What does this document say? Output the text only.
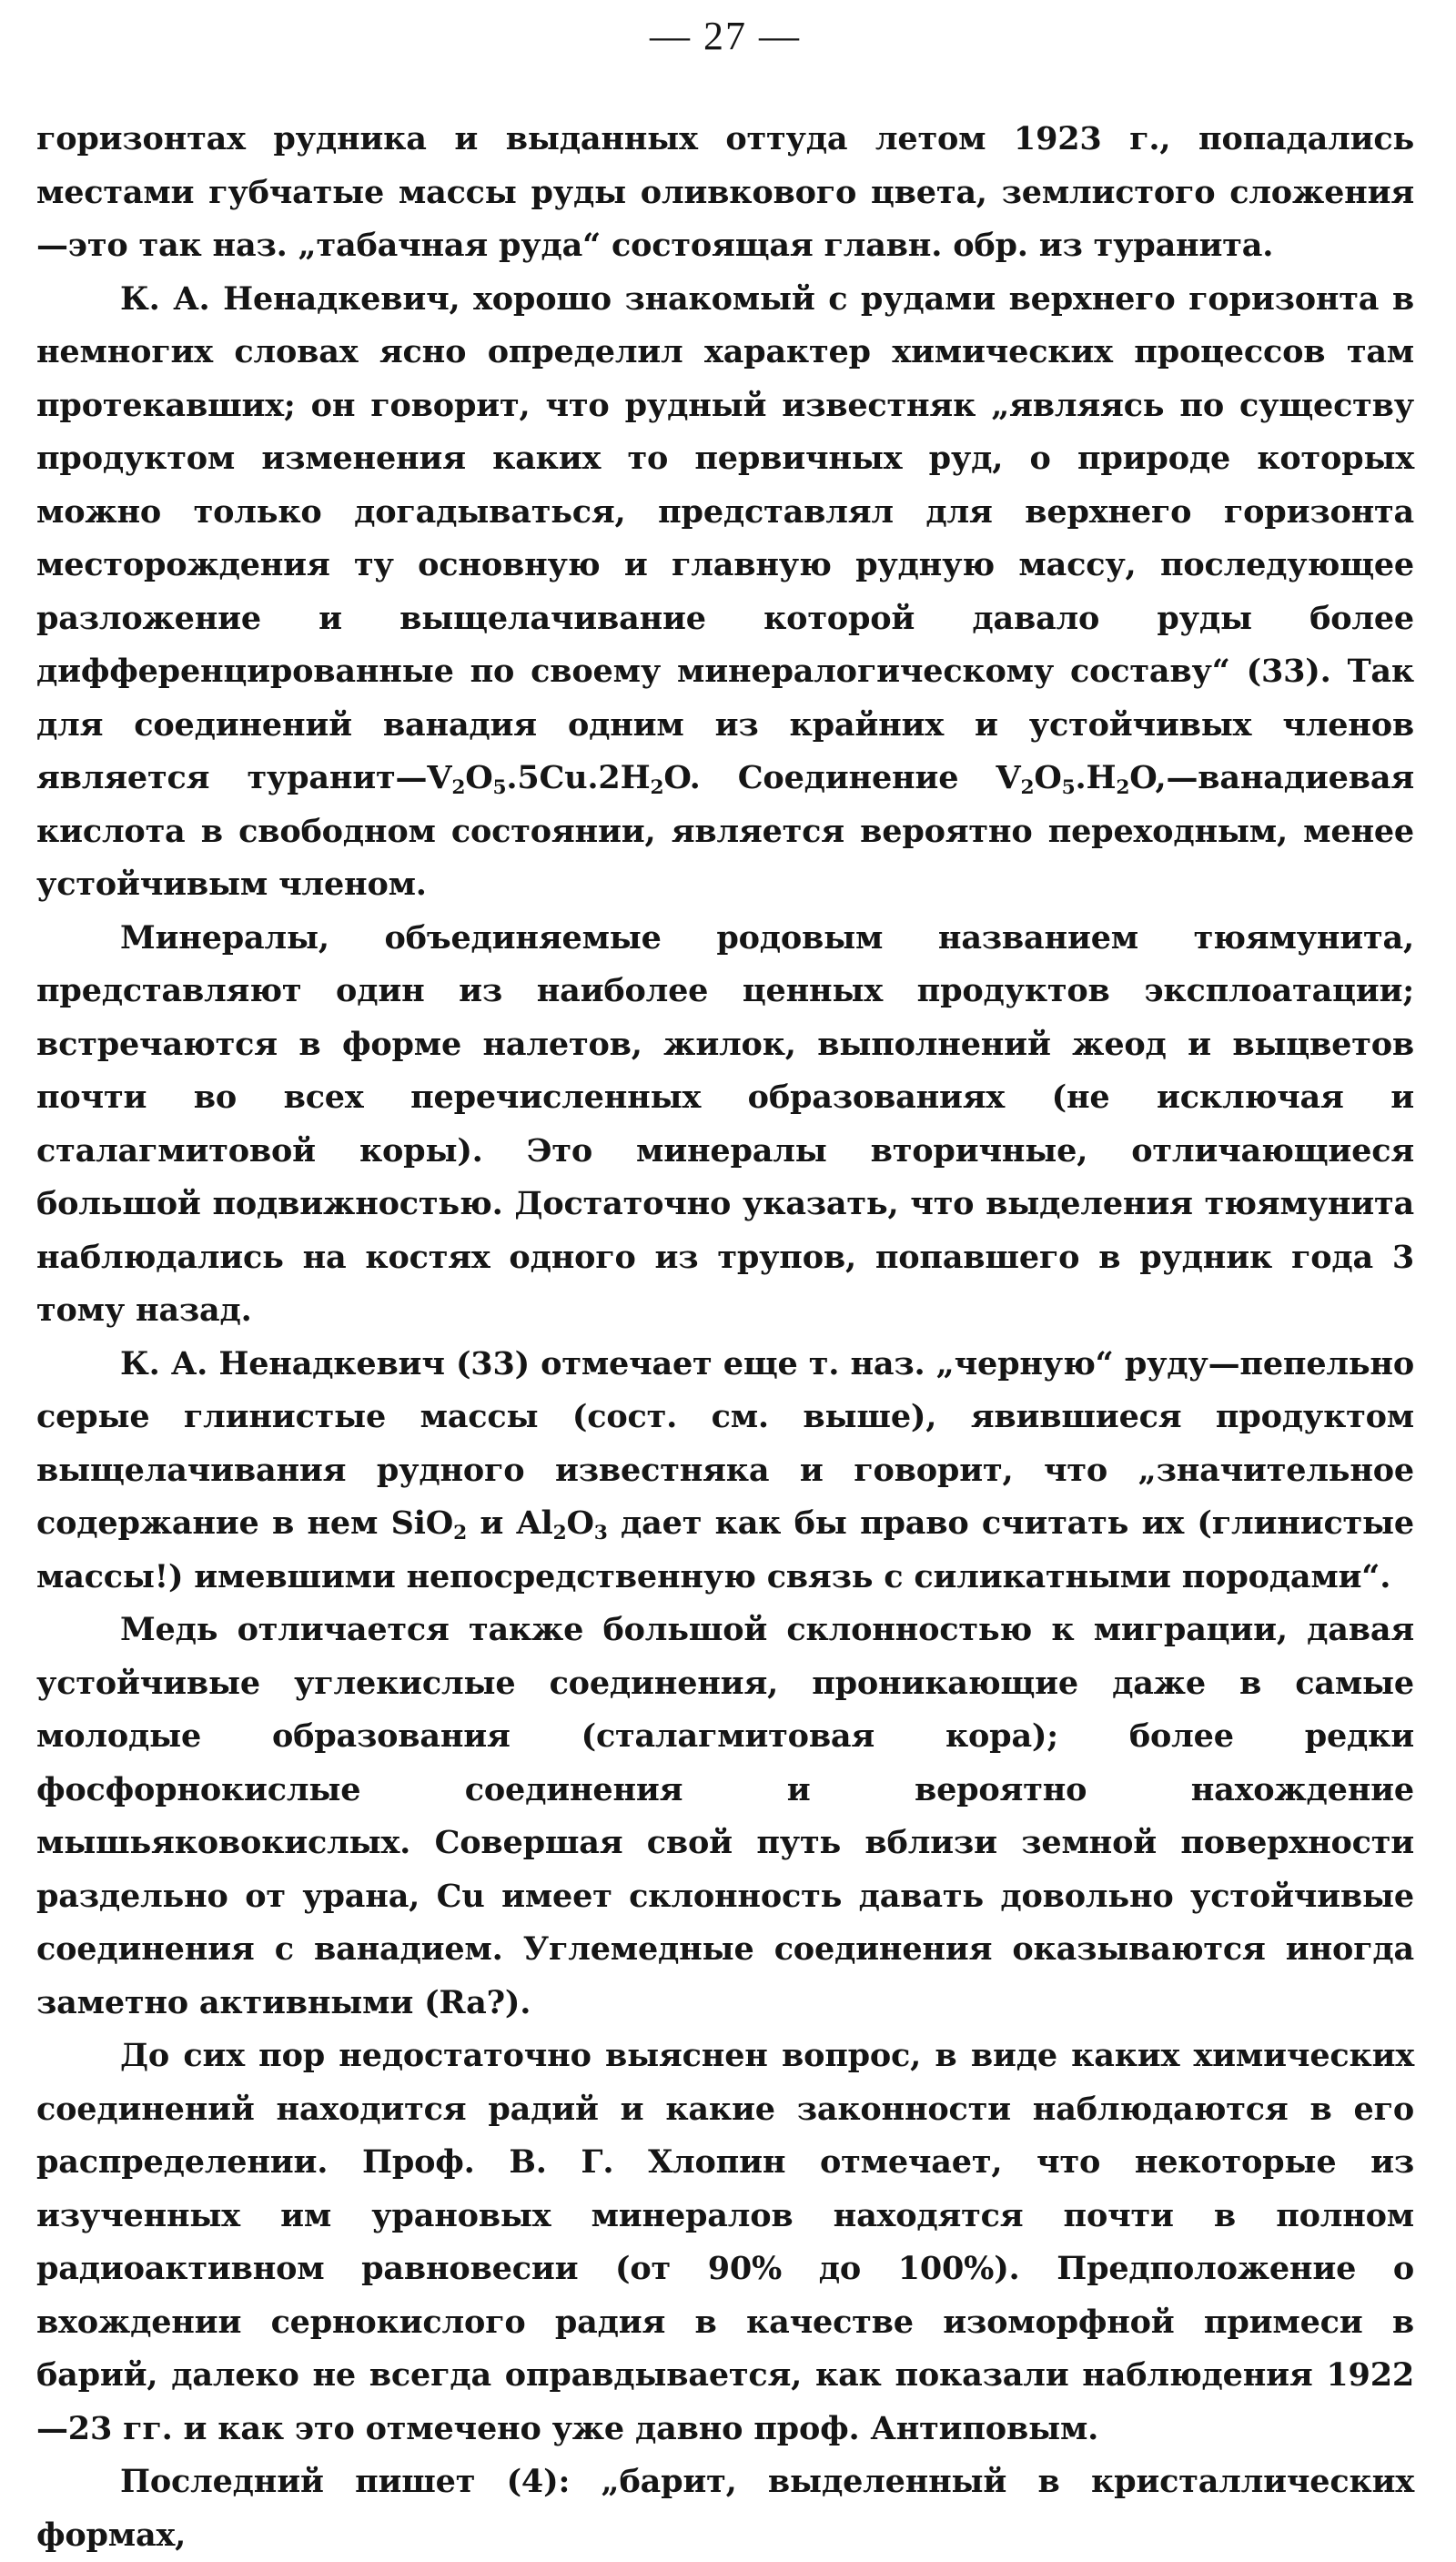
— 27 —

горизонтах рудника и выданных оттуда летом 1923 г., попадались местами губчатые массы руды оливкового цвета, землистого сложения—это так наз. „табачная руда“ состоящая главн. обр. из туранита.

К. А. Ненадкевич, хорошо знакомый с рудами верхнего горизонта в немногих словах ясно определил характер химических процессов там протекавших; он говорит, что рудный известняк „являясь по существу продуктом изменения каких то первичных руд, о природе которых можно только догадываться, представлял для верхнего горизонта месторождения ту основную и главную рудную массу, последующее разложение и выщелачивание которой давало руды более дифференцированные по своему минералогическому составу“ (33). Так для соединений ванадия одним из крайних и устойчивых членов является $туранит—V_2O_5.5Cu.2H_2O$. Соединение $V_2O_5.H_2O,—ванадиевая$ кислота в свободном состоянии, является вероятно переходным, менее устойчивым членом.

Минералы, объединяемые родовым названием тюямунита, представляют один из наиболее ценных продуктов эксплоатации; встречаются в форме налетов, жилок, выполнений жеод и выцветов почти во всех перечисленных образованиях (не исключая и сталагмитовой коры). Это минералы вторичные, отличающиеся большой подвижностью. Достаточно указать, что выделения тюямунита наблюдались на костях одного из трупов, попавшего в рудник года 3 тому назад.

К. А. Ненадкевич (33) отмечает еще т. наз. „черную“ руду—пепельно серые глинистые массы (сост. см. выше), явившиеся продуктом выщелачивания рудного известняка и говорит, что „значительное содержание в нем SiO$_2$ и $Al_2O_3$ дает как бы право считать их (глинистые массы!) имевшими непосредственную связь с силикатными породами“.

Медь отличается также большой склонностью к миграции, давая устойчивые углекислые соединения, проникающие даже в самые молодые образования (сталагмитовая кора); более редки фосфорнокислые соединения и вероятно нахождение мышьяковокислых. Совершая свой путь вблизи земной поверхности раздельно от урана, Cu имеет склонность давать довольно устойчивые соединения с ванадием. Углемедные соединения оказываются иногда заметно активными (Ra?).

До сих пор недостаточно выяснен вопрос, в виде каких химических соединений находится радий и какие законности наблюдаются в его распределении. Проф. В. Г. Хлопин отмечает, что некоторые из изученных им урановых минералов находятся почти в полном радиоактивном равновесии (от 90% до 100%). Предположение о вхождении сернокислого радия в качестве изоморфной примеси в барий, далеко не всегда оправдывается, как показали наблюдения 1922—23 гг. и как это отмечено уже давно проф. Антиповым.

Последний пишет (4): „барит, выделенный в кристаллических формах,
